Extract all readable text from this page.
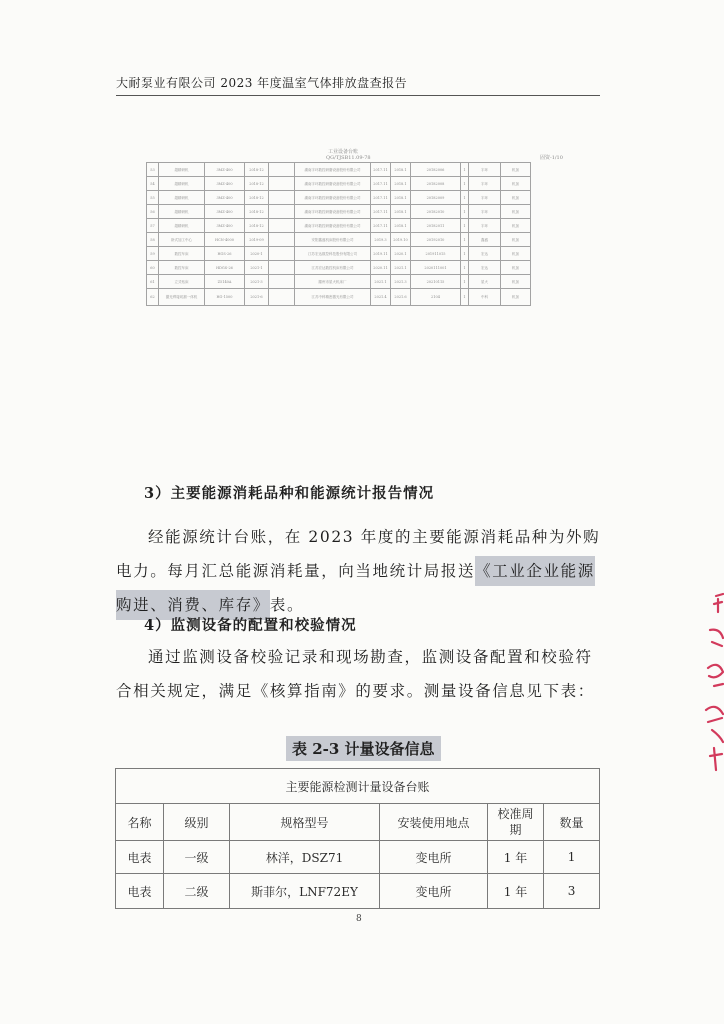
大耐泵业有限公司 2023 年度温室气体排放盘查报告
工业设备台账
QG/TJSB11.09-78	固资-1/10
53	超精研机	3MZ-400	2018-12		湖南宇环数控研磨设备股份有限公司	2017.11	2018.1	20182006	1	宇环	机加
54	超精研机	3MZ-400	2018-12		湖南宇环数控研磨设备股份有限公司	2017.11	2018.1	20182008	1	宇环	机加
55	超精研机	3MZ-400	2018-12		湖南宇环数控研磨设备股份有限公司	2017.11	2018.1	20182009	1	宇环	机加
56	超精研机	3MZ-400	2018-12		湖南宇环数控研磨设备股份有限公司	2017.11	2018.1	20182010	1	宇环	机加
57	超精研机	3MZ-400	2018-12		湖南宇环数控研磨设备股份有限公司	2017.11	2018.1	20182011	1	宇环	机加
58	卧式加工中心	HCN-4000	2019-09		安阳鑫盛机床股份有限公司	2019.3	2019.10	20192010	1	鑫盛	机加
59	数控车床	HGS-26	2020-1		江苏宏达数控科技股份有限公司	2019.11	2020.1	201911015	1	宏达	机加
60	数控车床	HDGS-26	2021-1		江苏宏达数控机床有限公司	2020.11	2021.1	2020111001	1	宏达	机加
61	立式钻床	Z5140A	2021-3		滕州市星火机床厂	2021.1	2021.3	20210115	1	星火	机加
62	激光焊接切割一体机	HG-1500	2021-6		江苏中科精密激光有限公司	2021.4	2021.6	2104	1	中科	机加
3）主要能源消耗品种和能源统计报告情况

经能源统计台账，在 2023 年度的主要能源消耗品种为外购电力。每月汇总能源消耗量，向当地统计局报送《工业企业能源购进、消费、库存》表。

4）监测设备的配置和校验情况

通过监测设备校验记录和现场勘查，监测设备配置和校验符合相关规定，满足《核算指南》的要求。测量设备信息见下表：

表 2-3 计量设备信息
主要能源检测计量设备台账					
名称	级别	规格型号	安装使用地点	校准周期	数量
电表	一级	林洋，DSZ71	变电所	1 年	1
电表	二级	斯菲尔，LNF72EY	变电所	1 年	3
8
